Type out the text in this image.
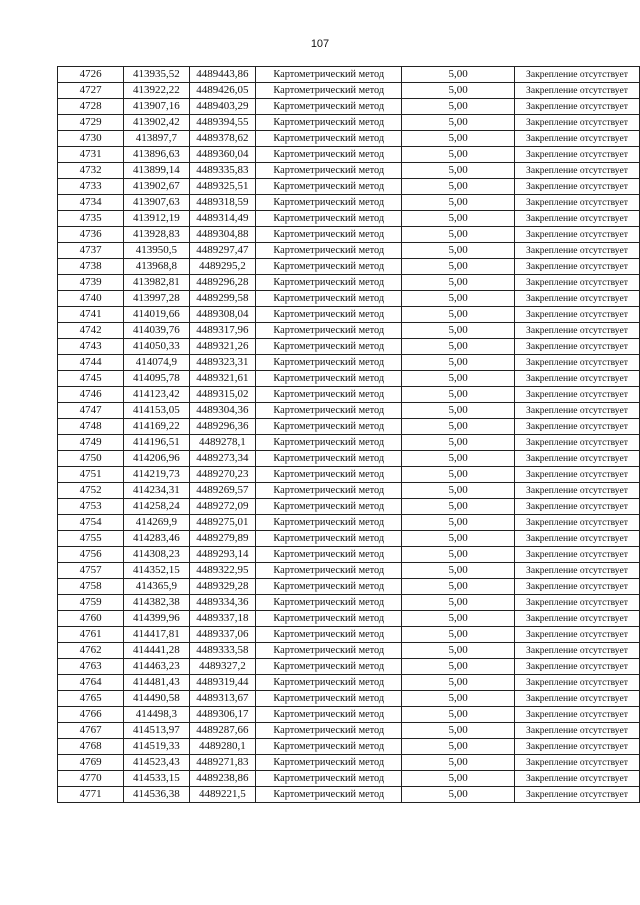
107
4726	413935,52	4489443,86	Картометрический метод	5,00	Закрепление отсутствует
4727	413922,22	4489426,05	Картометрический метод	5,00	Закрепление отсутствует
4728	413907,16	4489403,29	Картометрический метод	5,00	Закрепление отсутствует
4729	413902,42	4489394,55	Картометрический метод	5,00	Закрепление отсутствует
4730	413897,7	4489378,62	Картометрический метод	5,00	Закрепление отсутствует
4731	413896,63	4489360,04	Картометрический метод	5,00	Закрепление отсутствует
4732	413899,14	4489335,83	Картометрический метод	5,00	Закрепление отсутствует
4733	413902,67	4489325,51	Картометрический метод	5,00	Закрепление отсутствует
4734	413907,63	4489318,59	Картометрический метод	5,00	Закрепление отсутствует
4735	413912,19	4489314,49	Картометрический метод	5,00	Закрепление отсутствует
4736	413928,83	4489304,88	Картометрический метод	5,00	Закрепление отсутствует
4737	413950,5	4489297,47	Картометрический метод	5,00	Закрепление отсутствует
4738	413968,8	4489295,2	Картометрический метод	5,00	Закрепление отсутствует
4739	413982,81	4489296,28	Картометрический метод	5,00	Закрепление отсутствует
4740	413997,28	4489299,58	Картометрический метод	5,00	Закрепление отсутствует
4741	414019,66	4489308,04	Картометрический метод	5,00	Закрепление отсутствует
4742	414039,76	4489317,96	Картометрический метод	5,00	Закрепление отсутствует
4743	414050,33	4489321,26	Картометрический метод	5,00	Закрепление отсутствует
4744	414074,9	4489323,31	Картометрический метод	5,00	Закрепление отсутствует
4745	414095,78	4489321,61	Картометрический метод	5,00	Закрепление отсутствует
4746	414123,42	4489315,02	Картометрический метод	5,00	Закрепление отсутствует
4747	414153,05	4489304,36	Картометрический метод	5,00	Закрепление отсутствует
4748	414169,22	4489296,36	Картометрический метод	5,00	Закрепление отсутствует
4749	414196,51	4489278,1	Картометрический метод	5,00	Закрепление отсутствует
4750	414206,96	4489273,34	Картометрический метод	5,00	Закрепление отсутствует
4751	414219,73	4489270,23	Картометрический метод	5,00	Закрепление отсутствует
4752	414234,31	4489269,57	Картометрический метод	5,00	Закрепление отсутствует
4753	414258,24	4489272,09	Картометрический метод	5,00	Закрепление отсутствует
4754	414269,9	4489275,01	Картометрический метод	5,00	Закрепление отсутствует
4755	414283,46	4489279,89	Картометрический метод	5,00	Закрепление отсутствует
4756	414308,23	4489293,14	Картометрический метод	5,00	Закрепление отсутствует
4757	414352,15	4489322,95	Картометрический метод	5,00	Закрепление отсутствует
4758	414365,9	4489329,28	Картометрический метод	5,00	Закрепление отсутствует
4759	414382,38	4489334,36	Картометрический метод	5,00	Закрепление отсутствует
4760	414399,96	4489337,18	Картометрический метод	5,00	Закрепление отсутствует
4761	414417,81	4489337,06	Картометрический метод	5,00	Закрепление отсутствует
4762	414441,28	4489333,58	Картометрический метод	5,00	Закрепление отсутствует
4763	414463,23	4489327,2	Картометрический метод	5,00	Закрепление отсутствует
4764	414481,43	4489319,44	Картометрический метод	5,00	Закрепление отсутствует
4765	414490,58	4489313,67	Картометрический метод	5,00	Закрепление отсутствует
4766	414498,3	4489306,17	Картометрический метод	5,00	Закрепление отсутствует
4767	414513,97	4489287,66	Картометрический метод	5,00	Закрепление отсутствует
4768	414519,33	4489280,1	Картометрический метод	5,00	Закрепление отсутствует
4769	414523,43	4489271,83	Картометрический метод	5,00	Закрепление отсутствует
4770	414533,15	4489238,86	Картометрический метод	5,00	Закрепление отсутствует
4771	414536,38	4489221,5	Картометрический метод	5,00	Закрепление отсутствует
